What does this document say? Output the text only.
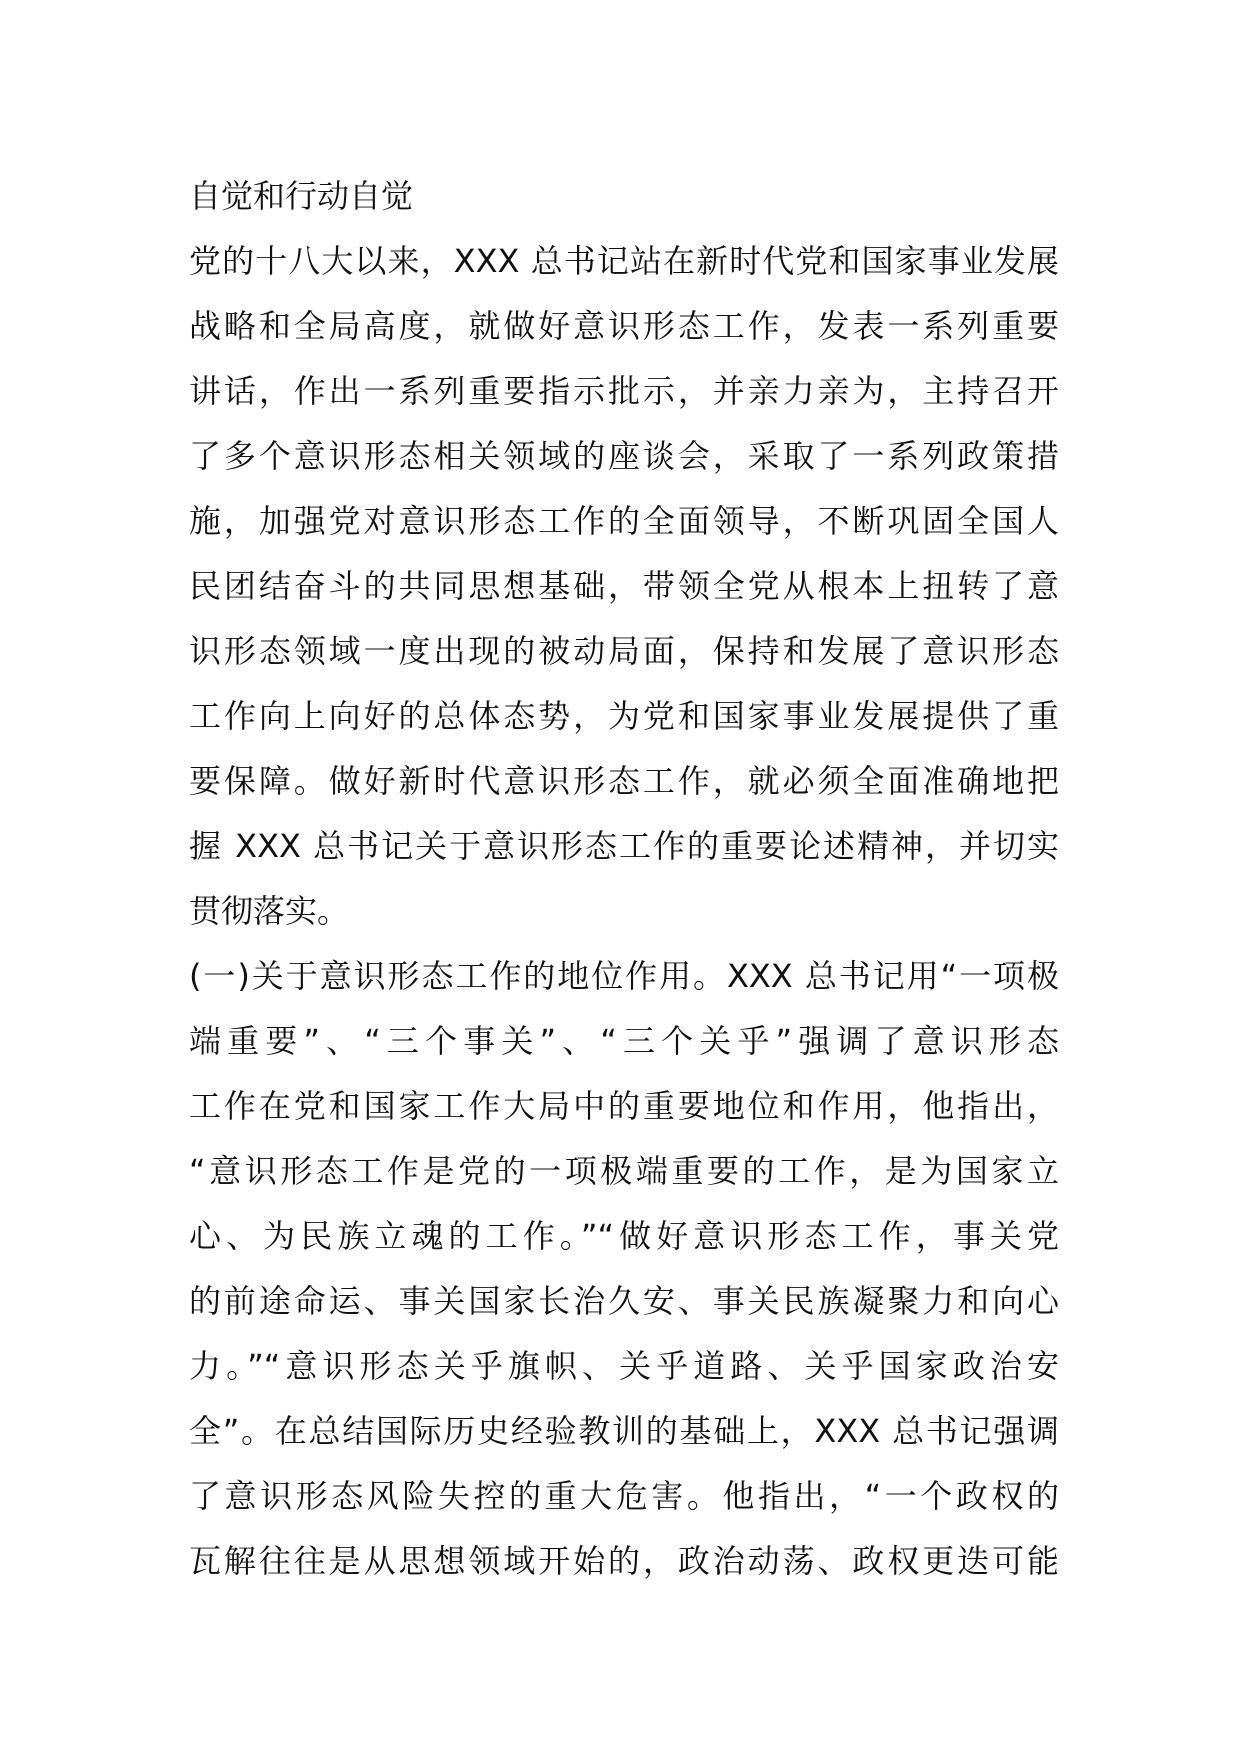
自觉和行动自觉
党的十八大以来，XXX 总书记站在新时代党和国家事业发展
战略和全局高度，就做好意识形态工作，发表一系列重要
讲话，作出一系列重要指示批示，并亲力亲为，主持召开
了多个意识形态相关领域的座谈会，采取了一系列政策措
施，加强党对意识形态工作的全面领导，不断巩固全国人
民团结奋斗的共同思想基础，带领全党从根本上扭转了意
识形态领域一度出现的被动局面，保持和发展了意识形态
工作向上向好的总体态势，为党和国家事业发展提供了重
要保障。做好新时代意识形态工作，就必须全面准确地把
握 XXX 总书记关于意识形态工作的重要论述精神，并切实
贯彻落实。
(一)关于意识形态工作的地位作用。XXX 总书记用“一项极
端重要”、“三个事关”、“三个关乎”强调了意识形态
工作在党和国家工作大局中的重要地位和作用，他指出，
“意识形态工作是党的一项极端重要的工作，是为国家立
心、为民族立魂的工作。”“做好意识形态工作，事关党
的前途命运、事关国家长治久安、事关民族凝聚力和向心
力。”“意识形态关乎旗帜、关乎道路、关乎国家政治安
全”。在总结国际历史经验教训的基础上，XXX 总书记强调
了意识形态风险失控的重大危害。他指出，“一个政权的
瓦解往往是从思想领域开始的，政治动荡、政权更迭可能
